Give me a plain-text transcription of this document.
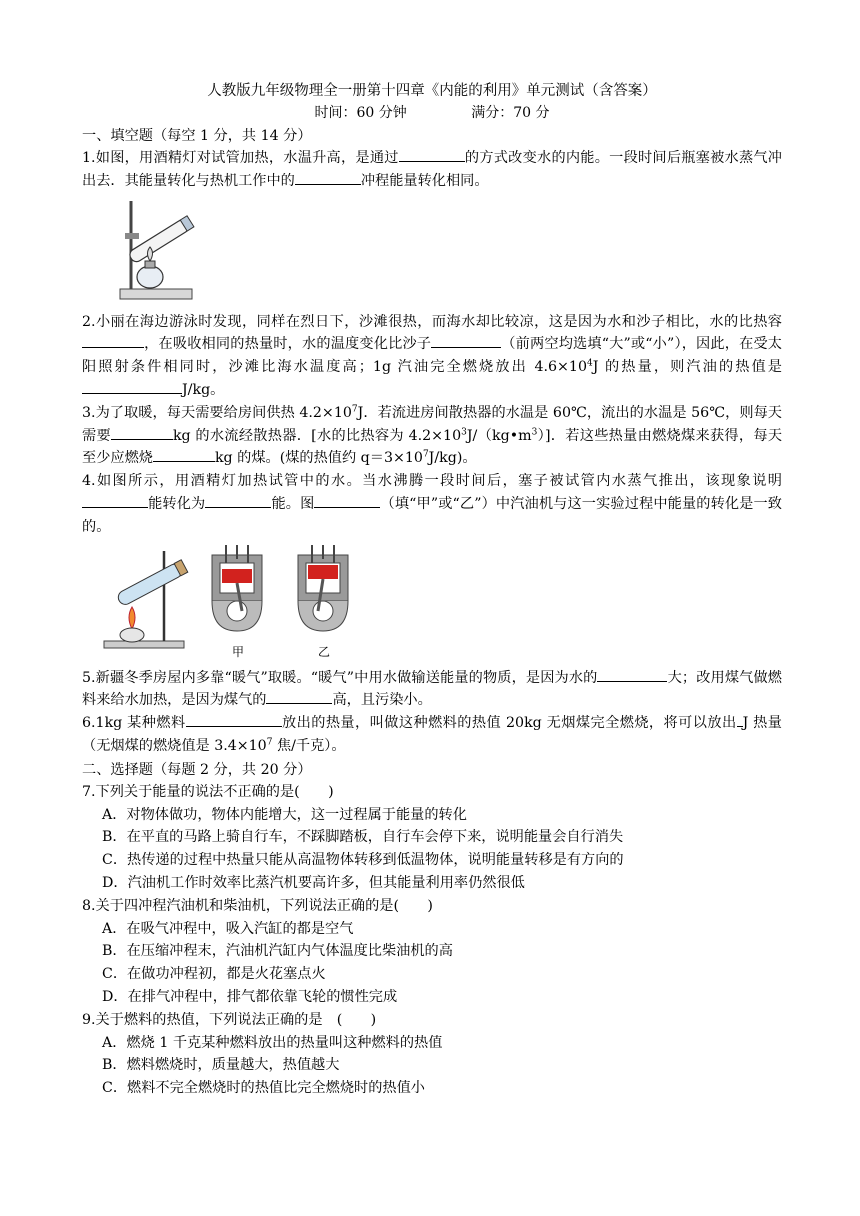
人教版九年级物理全一册第十四章《内能的利用》单元测试（含答案）
时间：60 分钟	满分：70 分
一、填空题（每空 1 分，共 14 分）

1.如图，用酒精灯对试管加热，水温升高，是通过	的方式改变水的内能。一段时间后瓶塞被水蒸气冲出去．其能量转化与热机工作中的	冲程能量转化相同。

2.小丽在海边游泳时发现，同样在烈日下，沙滩很热，而海水却比较凉，这是因为水和沙子相比，水的比热容，在吸收相同的热量时，水的温度变化比沙子	（前两空均选填“大”或“小”），因此，在受太阳照射条件相同时，沙滩比海水温度高；1g 汽油完全燃烧放出 $4.6\times 10^4J$ 的热量，则汽油的热值是J/kg。

3.为了取暖，每天需要给房间供热 $4.2\times 10^7J$．若流进房间散热器的水温是 60℃，流出的水温是 56℃，则每天需要	kg 的水流经散热器．[水的比热容为 $4.2\times 10^3J/(kg•m^3)$]．若这些热量由燃烧煤来获得，每天至少应燃烧	kg 的煤。(煤的热值约 $q=3\times 10^7J/kg$)。

4.如图所示，用酒精灯加热试管中的水。当水沸腾一段时间后，塞子被试管内水蒸气推出，该现象说明能转化为	能。图	（填“甲”或“乙”）中汽油机与这一实验过程中能量的转化是一致的。

甲	乙

5.新疆冬季房屋内多靠“暖气”取暖。“暖气”中用水做输送能量的物质，是因为水的	大；改用煤气做燃料来给水加热，是因为煤气的	高，且污染小。

6.1kg 某种燃料	放出的热量，叫做这种燃料的热值 20kg 无烟煤完全燃烧，将可以放出 J 热量（无烟煤的燃烧值是 $3.4\times 10^7$ 焦/千克）。

二、选择题（每题 2 分，共 20 分）

7.下列关于能量的说法不正确的是(　　)

A．对物体做功，物体内能增大，这一过程属于能量的转化
B．在平直的马路上骑自行车，不踩脚踏板，自行车会停下来，说明能量会自行消失
C．热传递的过程中热量只能从高温物体转移到低温物体，说明能量转移是有方向的
D．汽油机工作时效率比蒸汽机要高许多，但其能量利用率仍然很低

8.关于四冲程汽油机和柴油机，下列说法正确的是(　　)

A．在吸气冲程中，吸入汽缸的都是空气
B．在压缩冲程末，汽油机汽缸内气体温度比柴油机的高
C．在做功冲程初，都是火花塞点火
D．在排气冲程中，排气都依靠飞轮的惯性完成

9.关于燃料的热值，下列说法正确的是　(　　)

A．燃烧 1 千克某种燃料放出的热量叫这种燃料的热值
B．燃料燃烧时，质量越大，热值越大
C．燃料不完全燃烧时的热值比完全燃烧时的热值小
